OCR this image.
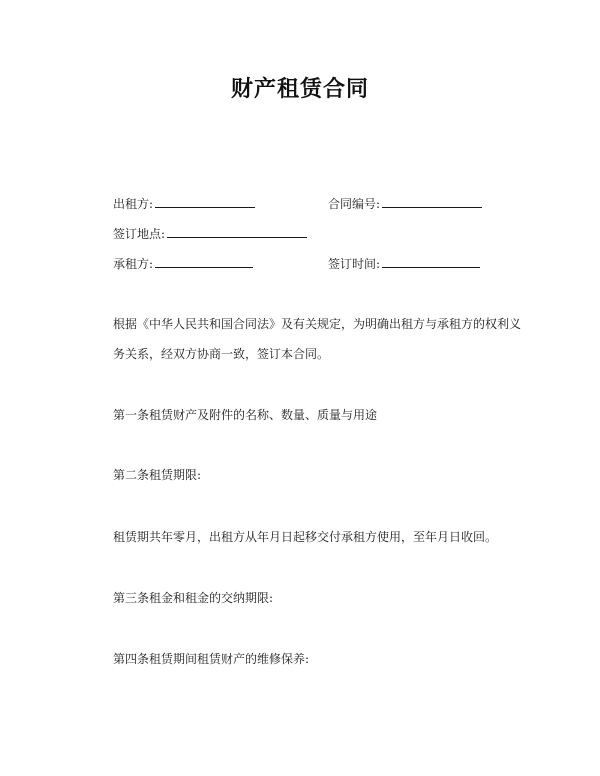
财产租赁合同
出租方:	合同编号:
签订地点:
承租方:	签订时间:
根据《中华人民共和国合同法》及有关规定，为明确出租方与承租方的权利义
务关系，经双方协商一致，签订本合同。
第一条租赁财产及附件的名称、数量、质量与用途
第二条租赁期限:
租赁期共年零月，出租方从年月日起移交付承租方使用，至年月日收回。
第三条租金和租金的交纳期限:
第四条租赁期间租赁财产的维修保养:
